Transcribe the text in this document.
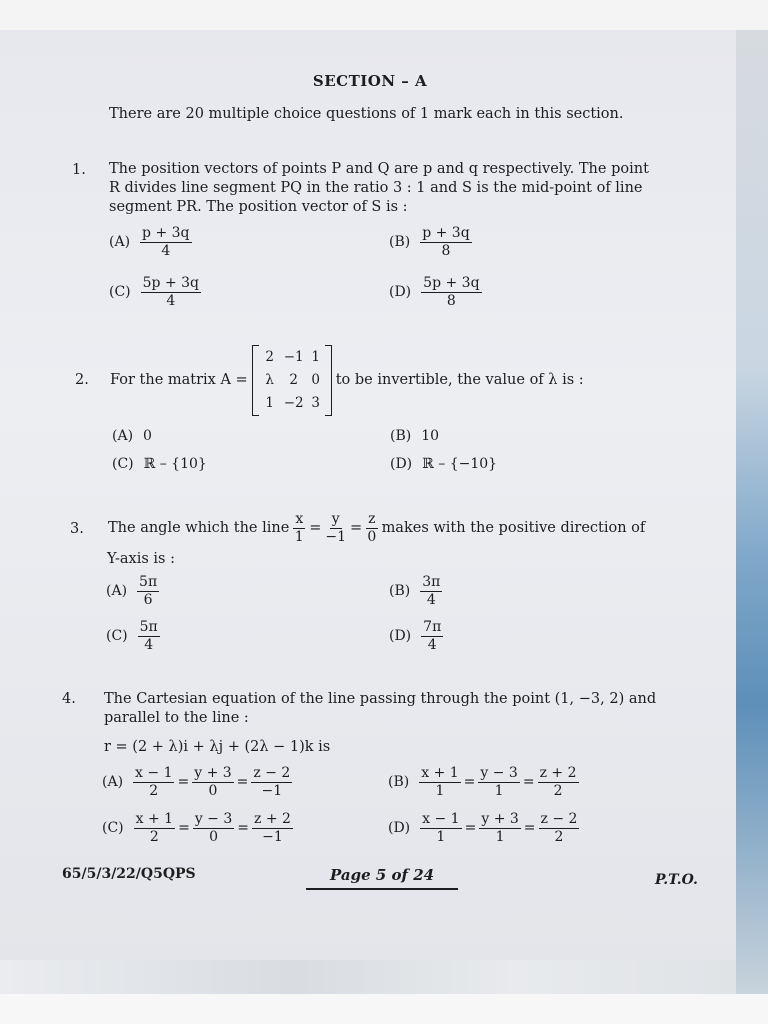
SECTION – A
There are 20 multiple choice questions of 1 mark each in this section.
1. The position vectors of points P and Q are p and q respectively. The point
R divides line segment PQ in the ratio 3 : 1 and S is the mid-point of line
segment PR. The position vector of S is :
$(A) \frac{p + 3q}{4}$	$(B) \frac{p + 3q}{8}$
$(C) \frac{5p + 3q}{4}$	$(D) \frac{5p + 3q}{8}$
2. For the matrix A =
2 −1 1
λ	2 0
1 −2 3
to be invertible, the value of λ is :
(A) 0	(B) 10
(C) ℝ – {10}	(D) ℝ – {−10}
3. The angle which the line $\frac{x}{1} = \frac{y}{-1} = \frac{z}{0}$ makes with the positive direction of
Y-axis is :
$(A) \frac{5\pi}{6}$	$(B) \frac{3\pi}{4}$
$(C) \frac{5\pi}{4}$	$(D) \frac{7\pi}{4}$
4. The Cartesian equation of the line passing through the point (1, −3, 2) and
parallel to the line :
r = (2 + λ)i + λj + (2λ − 1)k is
$(A) \frac{x - 1}{2} = \frac{y + 3}{0} = \frac{z - 2}{-1}$	$(B) \frac{x + 1}{1} = \frac{y - 3}{1} = \frac{z + 2}{2}$
$(C) \frac{x + 1}{2} = \frac{y - 3}{0} = \frac{z + 2}{-1}$	$(D) \frac{x - 1}{1} = \frac{y + 3}{1} = \frac{z - 2}{2}$
65/5/3/22/Q5QPS	Page 5 of 24	P.T.O.
